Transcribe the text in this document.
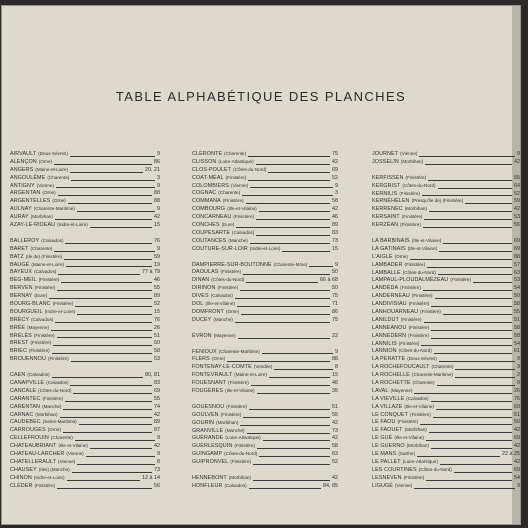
TABLE ALPHABÉTIQUE DES PLANCHES
AIRVAULT (Deux-Sèvres)	9
ALENÇON (Orne)	86
ANGERS (Maine-et-Loire)	20, 21
ANGOULÊME (Charente)	3
ANTIGNY (Vienne)	9
ARGENTAN (Orne)	88
ARGENTELLES (Orne)	88
AULNAY (Charente-Maritime)	9
AURAY (Morbihan)	42
AZAY-LE-RIDEAU (Indre-et-Loire)	15
BALLEROY (Calvados)	76
BARET (Charente)	9
BATZ (Ile de) (Finistère)	59
BAUGÉ (Maine-et-Loire)	19
BAYEUX (Calvados)	77 à 79
BEG-MEIL (Finistère)	46
BERVEN (Finistère)	55
BERNAY (Eure)	89
BOURG-BLANC (Finistère)	52
BOURGUEIL (Indre-et-Loire)	15
BRÉCY (Calvados)	76
BRÉE (Mayenne)	26
BRÉLÈS (Finistère)	51
BREST (Finistère)	50
BRIEC (Finistère)	58
BROUENNOU (Finistère)	53
CAEN (Calvados)	80, 81
CANAPVILLE (Calvados)	83
CANCALE (Côtes-du-Nord)	69
CARANTEC (Finistère)	55
CARENTAN (Manche)	74
CARNAC (Morbihan)	42
CAUDEBEC (Seine-Maritime)	89
CARROUGES (Orne)	87
CELLEFROUIN (Charente)	9
CHATEAUBRIANT (Ille-et-Vilaine)	42
CHATEAU-LARCHER (Vienne)	9
CHATELLERAULT (Vienne)	8
CHAUSEY (Iles) (Manche)	73
CHINON (Indre-et-Loire)	12 à 14
CLÉDER (Finistère)	56
CLÉRONTE (Charente)	75
CLISSON (Loire-Atlantique)	42
CLOS-POULET (Côtes-du-Nord)	69
COAT-MÉAL (Finistère)	52
COLOMBIERS (Vienne)	9
COGNAC (Charente)	3
COMMANA (Finistère)	58
COMBOURG (Ille-et-Vilaine)	42
CONCARNEAU (Finistère)	46
CONCHES (Eure)	89
COUPESARTE (Calvados)	83
COUTANCES (Manche)	73
COUTURE-SUR-LOIR (Indre-et-Loire)	15
DAMPIERRE-SUR-BOUTONNE (Charente-Mme)	9
DAOULAS (Finistère)	50
DINAN (Côtes-du-Nord)	66 à 68
DIRINON (Finistère)	50
DIVES (Calvados)	75
DOL (Ille-et-Vilaine)	71
DOMFRONT (Orne)	86
DUCEY (Manche)	75
ÉVRON (Mayenne)	22
FENIOUX (Charente-Maritime)	9
FLERS (Orne)	88
FONTENAY-LE-COMTE (Vendée)	8
FONTEVRAULT (Maine-et-Loire)	15
FOUESNANT (Finistère)	46
FOUGÈRES (Ille-et-Vilaine)	35
GOUESNOU (Finistère)	51
GOULVEN (Finistère)	55
GOURIN (Morbihan)	42
GRANVILLE (Manche)	73
GUÉRANDE (Loire-Atlantique)	42
GUERLESQUIN (Finistère)	58
GUINGAMP (Côtes-du-Nord)	63
GUIPRONVEL (Finistère)	52
HENNEBONT (Morbihan)	42
HONFLEUR (Calvados)	84, 85
JOURNET (Vienne)	9
JOSSELIN (Morbihan)	42
KERFISSEN (Finistère)	55
KERGRIST (Côtes-du-Nord)	64
KERNILIS (Finistère)	52
KERNÉHÉLEN (Presqu'île de) (Finistère)	59
KERRENEC (Morbihan)	42
KERSAINT (Finistère)	53
KERZÉAN (Finistère)	56
LA BARBINAIS (Ille-et-Vilaine)	69
LA GATINAIS (Ille-et-Vilaine)	69
L'AIGLE (Orne)	88
LAMBADER (Finistère)	57
LAMBALLE (Côtes-du-Nord)	63
LAMPAUL-PLOUDALMÉZEAU (Finistère)	53
LANDÉDA (Finistère)	54
LANDERNEAU (Finistère)	50
LANDIVISIAU (Finistère)	58
LANHOUARNEAU (Finistère)	55
LANILDUT (Finistère)	51
LANNEANOU (Finistère)	58
LANNEDERN (Finistère)	58
LANNILIS (Finistère)	54
LANNION (Côtes-du-Nord)	61
LA PERATTE (Deux-Sèvres)	9
LA ROCHEFOUCAULT (Charente)	3
LA ROCHELLE (Charente-Maritime)	2
LA ROCHETTE (Charente)	9
LAVAL (Mayenne)	26
LA VIEVILLE (Calvados)	76
LA VILLAZE (Ille-et-Vilaine)	69
LE CONQUET (Finistère)	51
LE FAOU (Finistère)	50
LE FAOUET (Morbihan)	42
LE GUÉ (Ille-et-Vilaine)	69
LE GUERNO (Morbihan)	42
LE MANS (Sarthe)	22 à 25
LE PALLET (Loire-Atlantique)	42
LES COURTINES (Côtes-du-Nord)	69
LESNEVEN (Finistère)	54
LIGUGÉ (Vienne)	9
